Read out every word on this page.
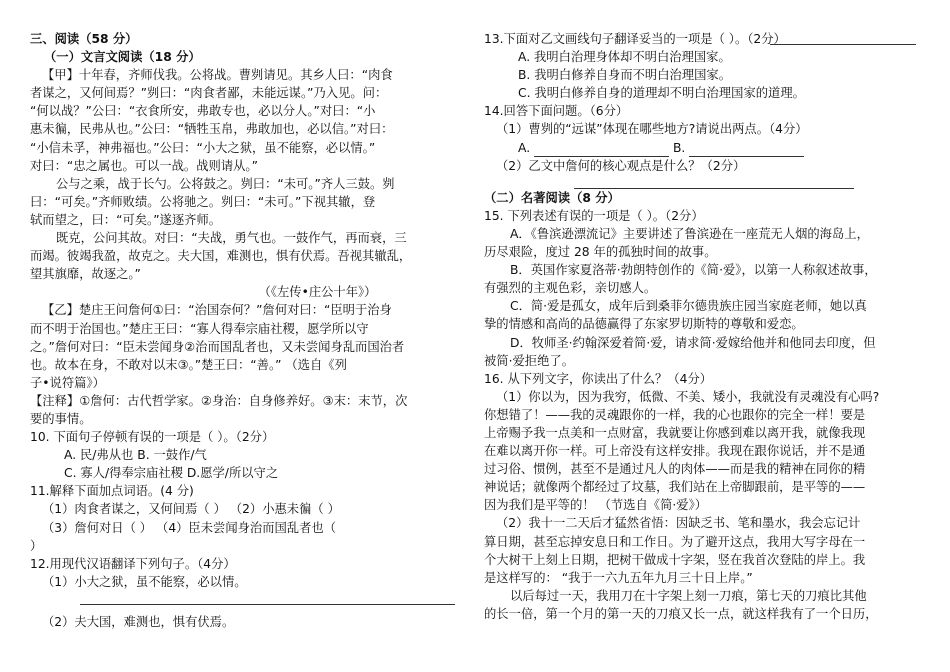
三、阅读（58 分）
（一）文言文阅读（18 分）
【甲】十年春，齐师伐我。公将战。曹刿请见。其乡人曰：“肉食
者谋之，又何间焉？”刿曰：“肉食者鄙，未能远谋。”乃入见。问：
“何以战？”公曰：“衣食所安，弗敢专也，必以分人。”对曰：“小
惠未徧，民弗从也。”公曰：“牺牲玉帛，弗敢加也，必以信。”对曰：
“小信未孚，神弗福也。”公曰：“小大之狱，虽不能察，必以情。”
对曰：“忠之属也。可以一战。战则请从。”
公与之乘，战于长勺。公将鼓之。刿曰：“未可。”齐人三鼓。刿
曰：“可矣。”齐师败绩。公将驰之。刿曰：“未可。”下视其辙，登
轼而望之，曰：“可矣。”遂逐齐师。
既克，公问其故。对曰：“夫战，勇气也。一鼓作气，再而衰，三
而竭。彼竭我盈，故克之。夫大国，难测也，惧有伏焉。吾视其辙乱，
望其旗靡，故逐之。”
（《左传•庄公十年》）
【乙】楚庄王问詹何①曰：“治国奈何？”詹何对曰：“臣明于治身
而不明于治国也。”楚庄王曰：“寡人得奉宗庙社稷，愿学所以守
之。”詹何对曰：“臣未尝闻身②治而国乱者也，又未尝闻身乱而国治者
也。故本在身，不敢对以末③。”楚王曰：“善。” （选自《列
子•说符篇》）
【注释】①詹何：古代哲学家。②身治：自身修养好。③末：末节，次
要的事情。
10. 下面句子停顿有误的一项是（ ）。（2分）
A. 民/弗从也 B. 一鼓作/气
C. 寡人/得奉宗庙社稷 D.愿学/所以守之
11.解释下面加点词语。(4 分)
（1）肉食者谋之，又何间焉（ ） （2）小惠未徧（ ）
（3）詹何对日（ ） （4）臣未尝闻身治而国乱者也（
）
12.用现代汉语翻译下列句子。（4分）
（1）小大之狱，虽不能察，必以情。
（2）夫大国，难测也，惧有伏焉。
13.下面对乙文画线句子翻译妥当的一项是（ ）。（2分）
A. 我明白治理身体却不明白治理国家。
B. 我明白修养自身而不明白治理国家。
C. 我明白修养自身的道理却不明白治理国家的道理。
14.回答下面问题。（6分）
（1）曹刿的“远谋”体现在哪些地方?请说出两点。（4分）
A.	B.
（2）乙文中詹何的核心观点是什么？（2分）
（二）名著阅读（8 分）
15. 下列表述有误的一项是（ ）。（2分）
A．《鲁滨逊漂流记》主要讲述了鲁滨逊在一座荒无人烟的海岛上，
历尽艰险，度过 28 年的孤独时间的故事。
B．英国作家夏洛蒂·勃朗特创作的《简·爱》，以第一人称叙述故事，
有强烈的主观色彩，亲切感人。
C．简·爱是孤女，成年后到桑菲尔德贵族庄园当家庭老师，她以真
挚的情感和高尚的品德赢得了东家罗切斯特的尊敬和爱恋。
D．牧师圣·约翰深爱着简·爱，请求简·爱嫁给他并和他同去印度，但
被简·爱拒绝了。
16. 从下列文字，你读出了什么？（4分）
（1）你以为，因为我穷，低微、不美、矮小，我就没有灵魂没有心吗?
你想错了！——我的灵魂跟你的一样，我的心也跟你的完全一样！要是
上帝赐予我一点美和一点财富，我就要让你感到难以离开我，就像我现
在难以离开你一样。可上帝没有这样安排。我现在跟你说话，并不是通
过习俗、惯例，甚至不是通过凡人的肉体——而是我的精神在同你的精
神说话；就像两个都经过了坟墓，我们站在上帝脚跟前，是平等的——
因为我们是平等的！ （节选自《简·爱》）
（2）我十一二天后才猛然省悟：因缺乏书、笔和墨水，我会忘记计
算日期，甚至忘掉安息日和工作日。为了避开这点，我用大写字母在一
个大树干上刻上日期，把树干做成十字架，竖在我首次登陆的岸上。我
是这样写的： “我于一六九五年九月三十日上岸。”
以后每过一天，我用刀在十字架上刻一刀痕，第七天的刀痕比其他
的长一倍，第一个月的第一天的刀痕又长一点，就这样我有了一个日历，
